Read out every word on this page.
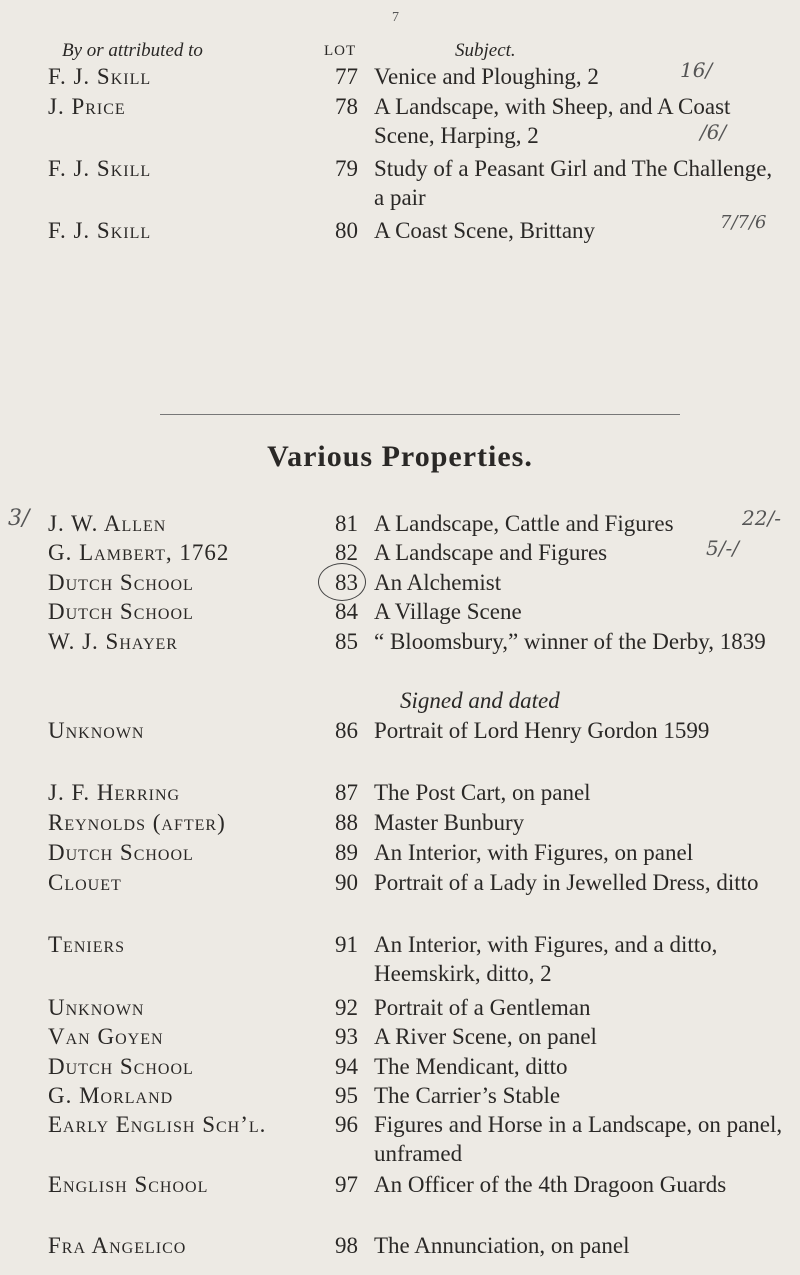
7
By or attributed to	LOT	Subject.
F. J. Skill	77 Venice and Ploughing, 2
J. Price	78 A Landscape, with Sheep, and A Coast Scene, Harping, 2
F. J. Skill	79 Study of a Peasant Girl and The Challenge, a pair
F. J. Skill	80 A Coast Scene, Brittany
Various Properties.
J. W. Allen	81 A Landscape, Cattle and Figures
G. Lambert, 1762	82 A Landscape and Figures
Dutch School	83 An Alchemist
Dutch School	84 A Village Scene
W. J. Shayer	85 “ Bloomsbury,” winner of the Derby, 1839
Signed and dated
Unknown	86 Portrait of Lord Henry Gordon 1599
J. F. Herring	87 The Post Cart, on panel
Reynolds (after)	88 Master Bunbury
Dutch School	89 An Interior, with Figures, on panel
Clouet	90 Portrait of a Lady in Jewelled Dress, ditto
Teniers	91 An Interior, with Figures, and a ditto, Heemskirk, ditto, 2
Unknown	92 Portrait of a Gentleman
Van Goyen	93 A River Scene, on panel
Dutch School	94 The Mendicant, ditto
G. Morland	95 The Carrier’s Stable
Early English Sch’l.	96 Figures and Horse in a Landscape, on panel, unframed
English School	97 An Officer of the 4th Dragoon Guards
Fra Angelico	98 The Annunciation, on panel
16/
/6/
7/7/6
22/-
5/-/
3/
